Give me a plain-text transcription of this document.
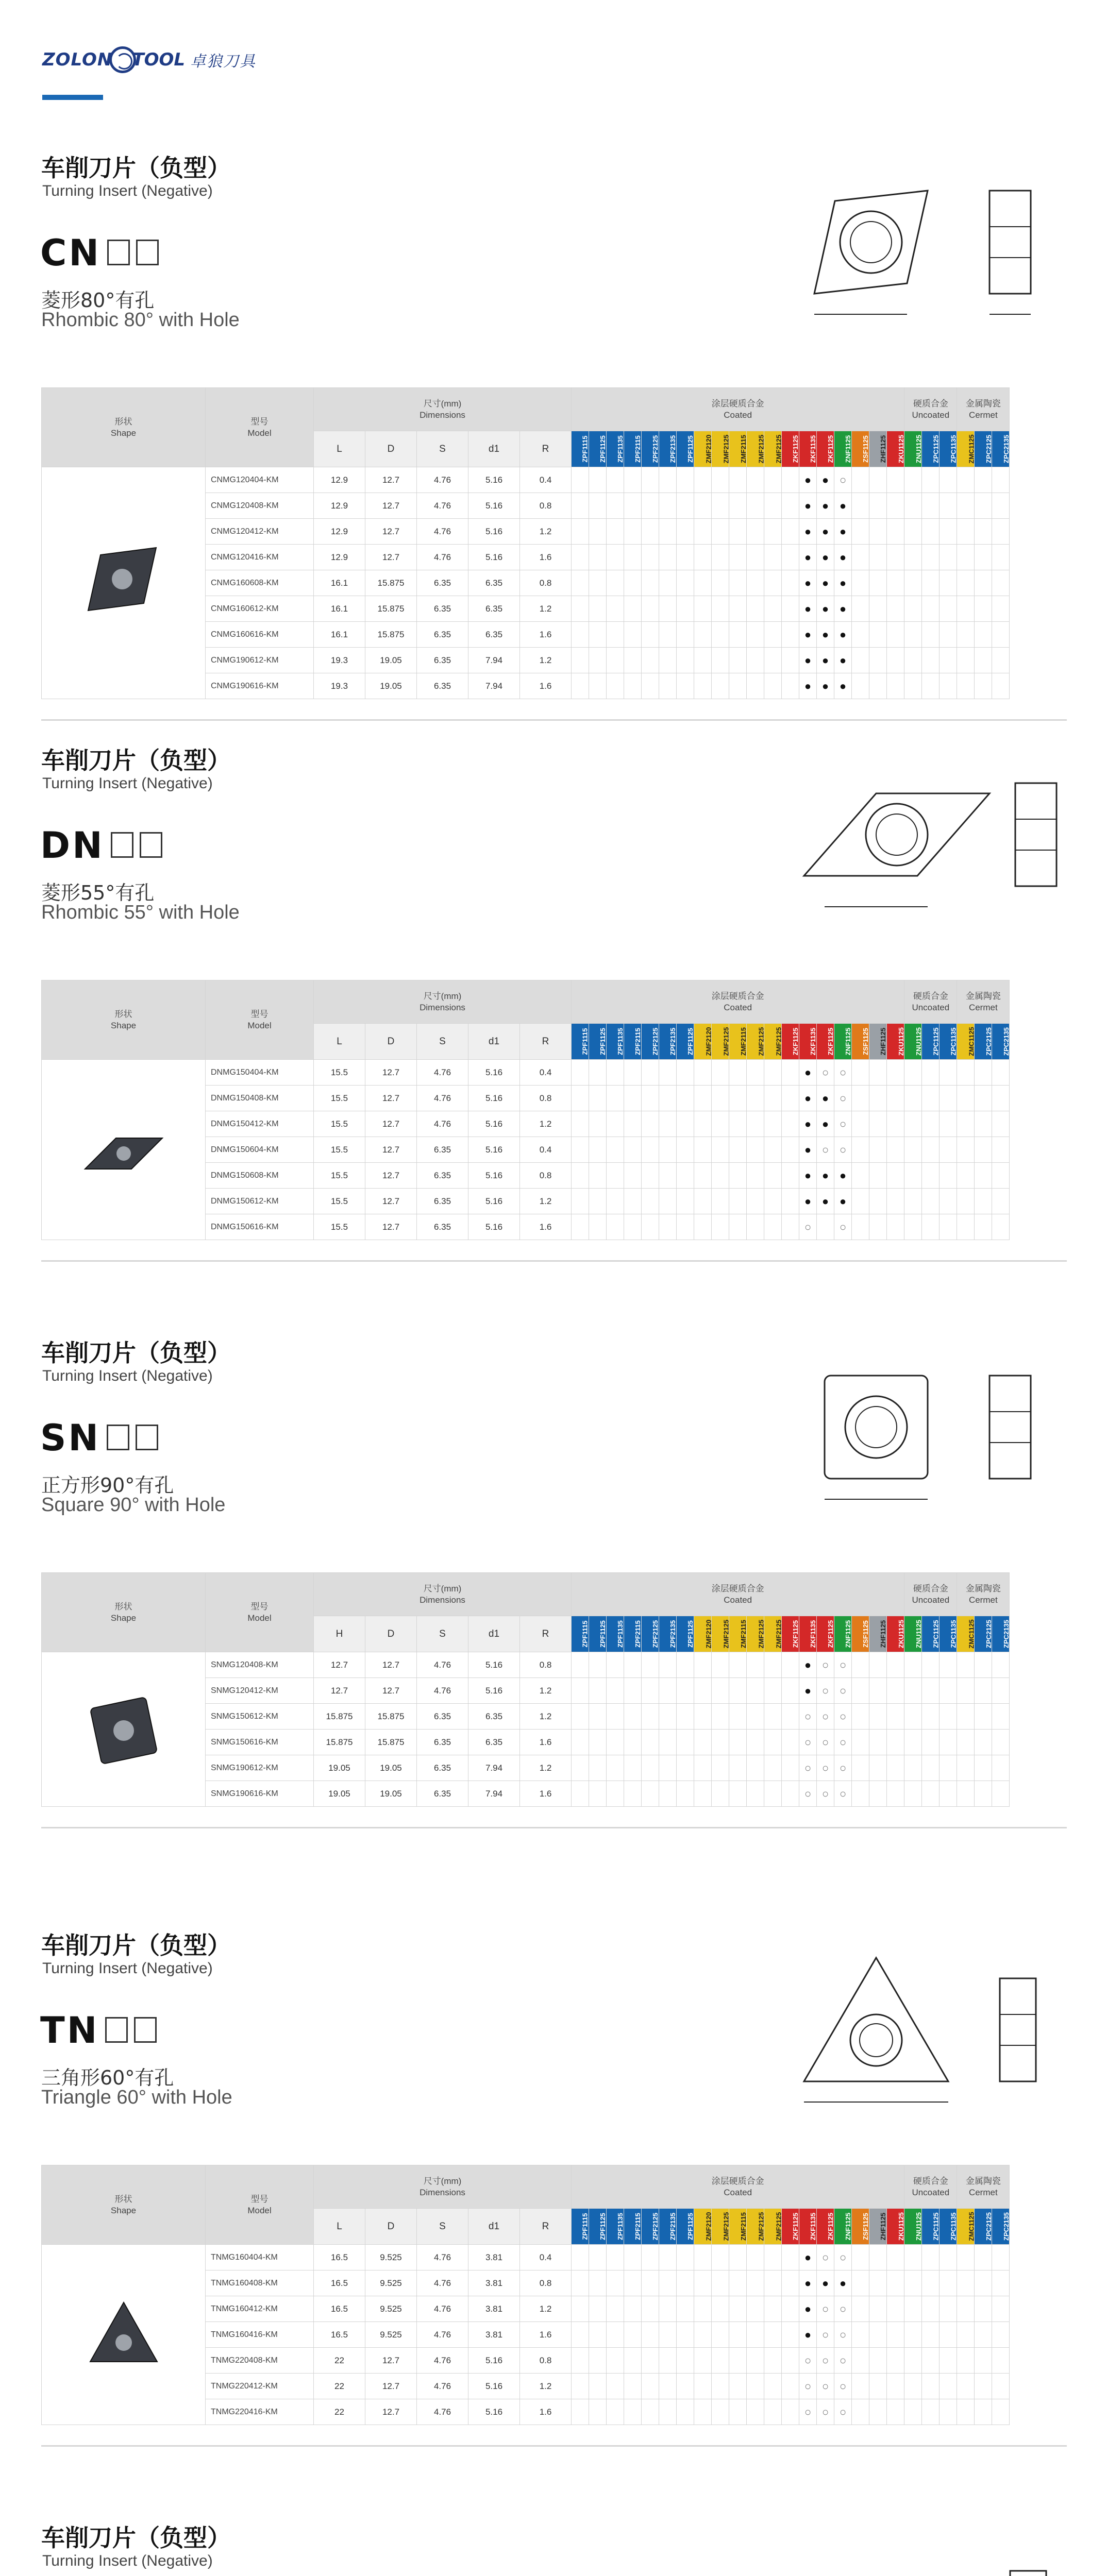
ZOLON TOOL 卓狼刀具
车削刀片（负型）
Turning Insert (Negative)
CN
菱形80°有孔
Rhombic 80° with Hole
形状
Shape	型号
Model	尺寸(mm)
Dimensions					涂层硬质合金
Coated																			硬质合金
Uncoated			金属陶瓷
Cermet		
		L	D	S	d1	R	ZPF1115	ZPF1125	ZPF1135	ZPF2115	ZPF2125	ZPF2135	ZPF1125	ZMF2120	ZMF2125	ZMF2115	ZMF2125	ZMF2125	ZKF1125	ZKF1135	ZKF1125	ZNF1125	ZSF1125	ZHF1125	ZKU1125	ZNU1125	ZPC1125	ZPC1135	ZMC1125	ZPC2125	ZPC2135
	CNMG120404-KM	12.9	12.7	4.76	5.16	0.4														●	●	○									
	CNMG120408-KM	12.9	12.7	4.76	5.16	0.8														●	●	●									
	CNMG120412-KM	12.9	12.7	4.76	5.16	1.2														●	●	●									
	CNMG120416-KM	12.9	12.7	4.76	5.16	1.6														●	●	●									
	CNMG160608-KM	16.1	15.875	6.35	6.35	0.8														●	●	●									
	CNMG160612-KM	16.1	15.875	6.35	6.35	1.2														●	●	●									
	CNMG160616-KM	16.1	15.875	6.35	6.35	1.6														●	●	●									
	CNMG190612-KM	19.3	19.05	6.35	7.94	1.2														●	●	●									
	CNMG190616-KM	19.3	19.05	6.35	7.94	1.6														●	●	●									
车削刀片（负型）
Turning Insert (Negative)
DN
菱形55°有孔
Rhombic 55° with Hole
形状
Shape	型号
Model	尺寸(mm)
Dimensions					涂层硬质合金
Coated																			硬质合金
Uncoated			金属陶瓷
Cermet		
		L	D	S	d1	R	ZPF1115	ZPF1125	ZPF1135	ZPF2115	ZPF2125	ZPF2135	ZPF1125	ZMF2120	ZMF2125	ZMF2115	ZMF2125	ZMF2125	ZKF1125	ZKF1135	ZKF1125	ZNF1125	ZSF1125	ZHF1125	ZKU1125	ZNU1125	ZPC1125	ZPC1135	ZMC1125	ZPC2125	ZPC2135
	DNMG150404-KM	15.5	12.7	4.76	5.16	0.4														●	○	○									
	DNMG150408-KM	15.5	12.7	4.76	5.16	0.8														●	●	○									
	DNMG150412-KM	15.5	12.7	4.76	5.16	1.2														●	●	○									
	DNMG150604-KM	15.5	12.7	6.35	5.16	0.4														●	○	○									
	DNMG150608-KM	15.5	12.7	6.35	5.16	0.8														●	●	●									
	DNMG150612-KM	15.5	12.7	6.35	5.16	1.2														●	●	●									
	DNMG150616-KM	15.5	12.7	6.35	5.16	1.6														○		○									
车削刀片（负型）
Turning Insert (Negative)
SN
正方形90°有孔
Square 90° with Hole
形状
Shape	型号
Model	尺寸(mm)
Dimensions					涂层硬质合金
Coated																			硬质合金
Uncoated			金属陶瓷
Cermet		
		H	D	S	d1	R	ZPF1115	ZPF1125	ZPF1135	ZPF2115	ZPF2125	ZPF2135	ZPF1125	ZMF2120	ZMF2125	ZMF2115	ZMF2125	ZMF2125	ZKF1125	ZKF1135	ZKF1125	ZNF1125	ZSF1125	ZHF1125	ZKU1125	ZNU1125	ZPC1125	ZPC1135	ZMC1125	ZPC2125	ZPC2135
	SNMG120408-KM	12.7	12.7	4.76	5.16	0.8														●	○	○									
	SNMG120412-KM	12.7	12.7	4.76	5.16	1.2														●	○	○									
	SNMG150612-KM	15.875	15.875	6.35	6.35	1.2														○	○	○									
	SNMG150616-KM	15.875	15.875	6.35	6.35	1.6														○	○	○									
	SNMG190612-KM	19.05	19.05	6.35	7.94	1.2														○	○	○									
	SNMG190616-KM	19.05	19.05	6.35	7.94	1.6														○	○	○									
车削刀片（负型）
Turning Insert (Negative)
TN
三角形60°有孔
Triangle 60° with Hole
形状
Shape	型号
Model	尺寸(mm)
Dimensions					涂层硬质合金
Coated																			硬质合金
Uncoated			金属陶瓷
Cermet		
		L	D	S	d1	R	ZPF1115	ZPF1125	ZPF1135	ZPF2115	ZPF2125	ZPF2135	ZPF1125	ZMF2120	ZMF2125	ZMF2115	ZMF2125	ZMF2125	ZKF1125	ZKF1135	ZKF1125	ZNF1125	ZSF1125	ZHF1125	ZKU1125	ZNU1125	ZPC1125	ZPC1135	ZMC1125	ZPC2125	ZPC2135
	TNMG160404-KM	16.5	9.525	4.76	3.81	0.4														●	○	○									
	TNMG160408-KM	16.5	9.525	4.76	3.81	0.8														●	●	●									
	TNMG160412-KM	16.5	9.525	4.76	3.81	1.2														●	○	○									
	TNMG160416-KM	16.5	9.525	4.76	3.81	1.6														●	○	○									
	TNMG220408-KM	22	12.7	4.76	5.16	0.8														○	○	○									
	TNMG220412-KM	22	12.7	4.76	5.16	1.2														○	○	○									
	TNMG220416-KM	22	12.7	4.76	5.16	1.6														○	○	○									
车削刀片（负型）
Turning Insert (Negative)
